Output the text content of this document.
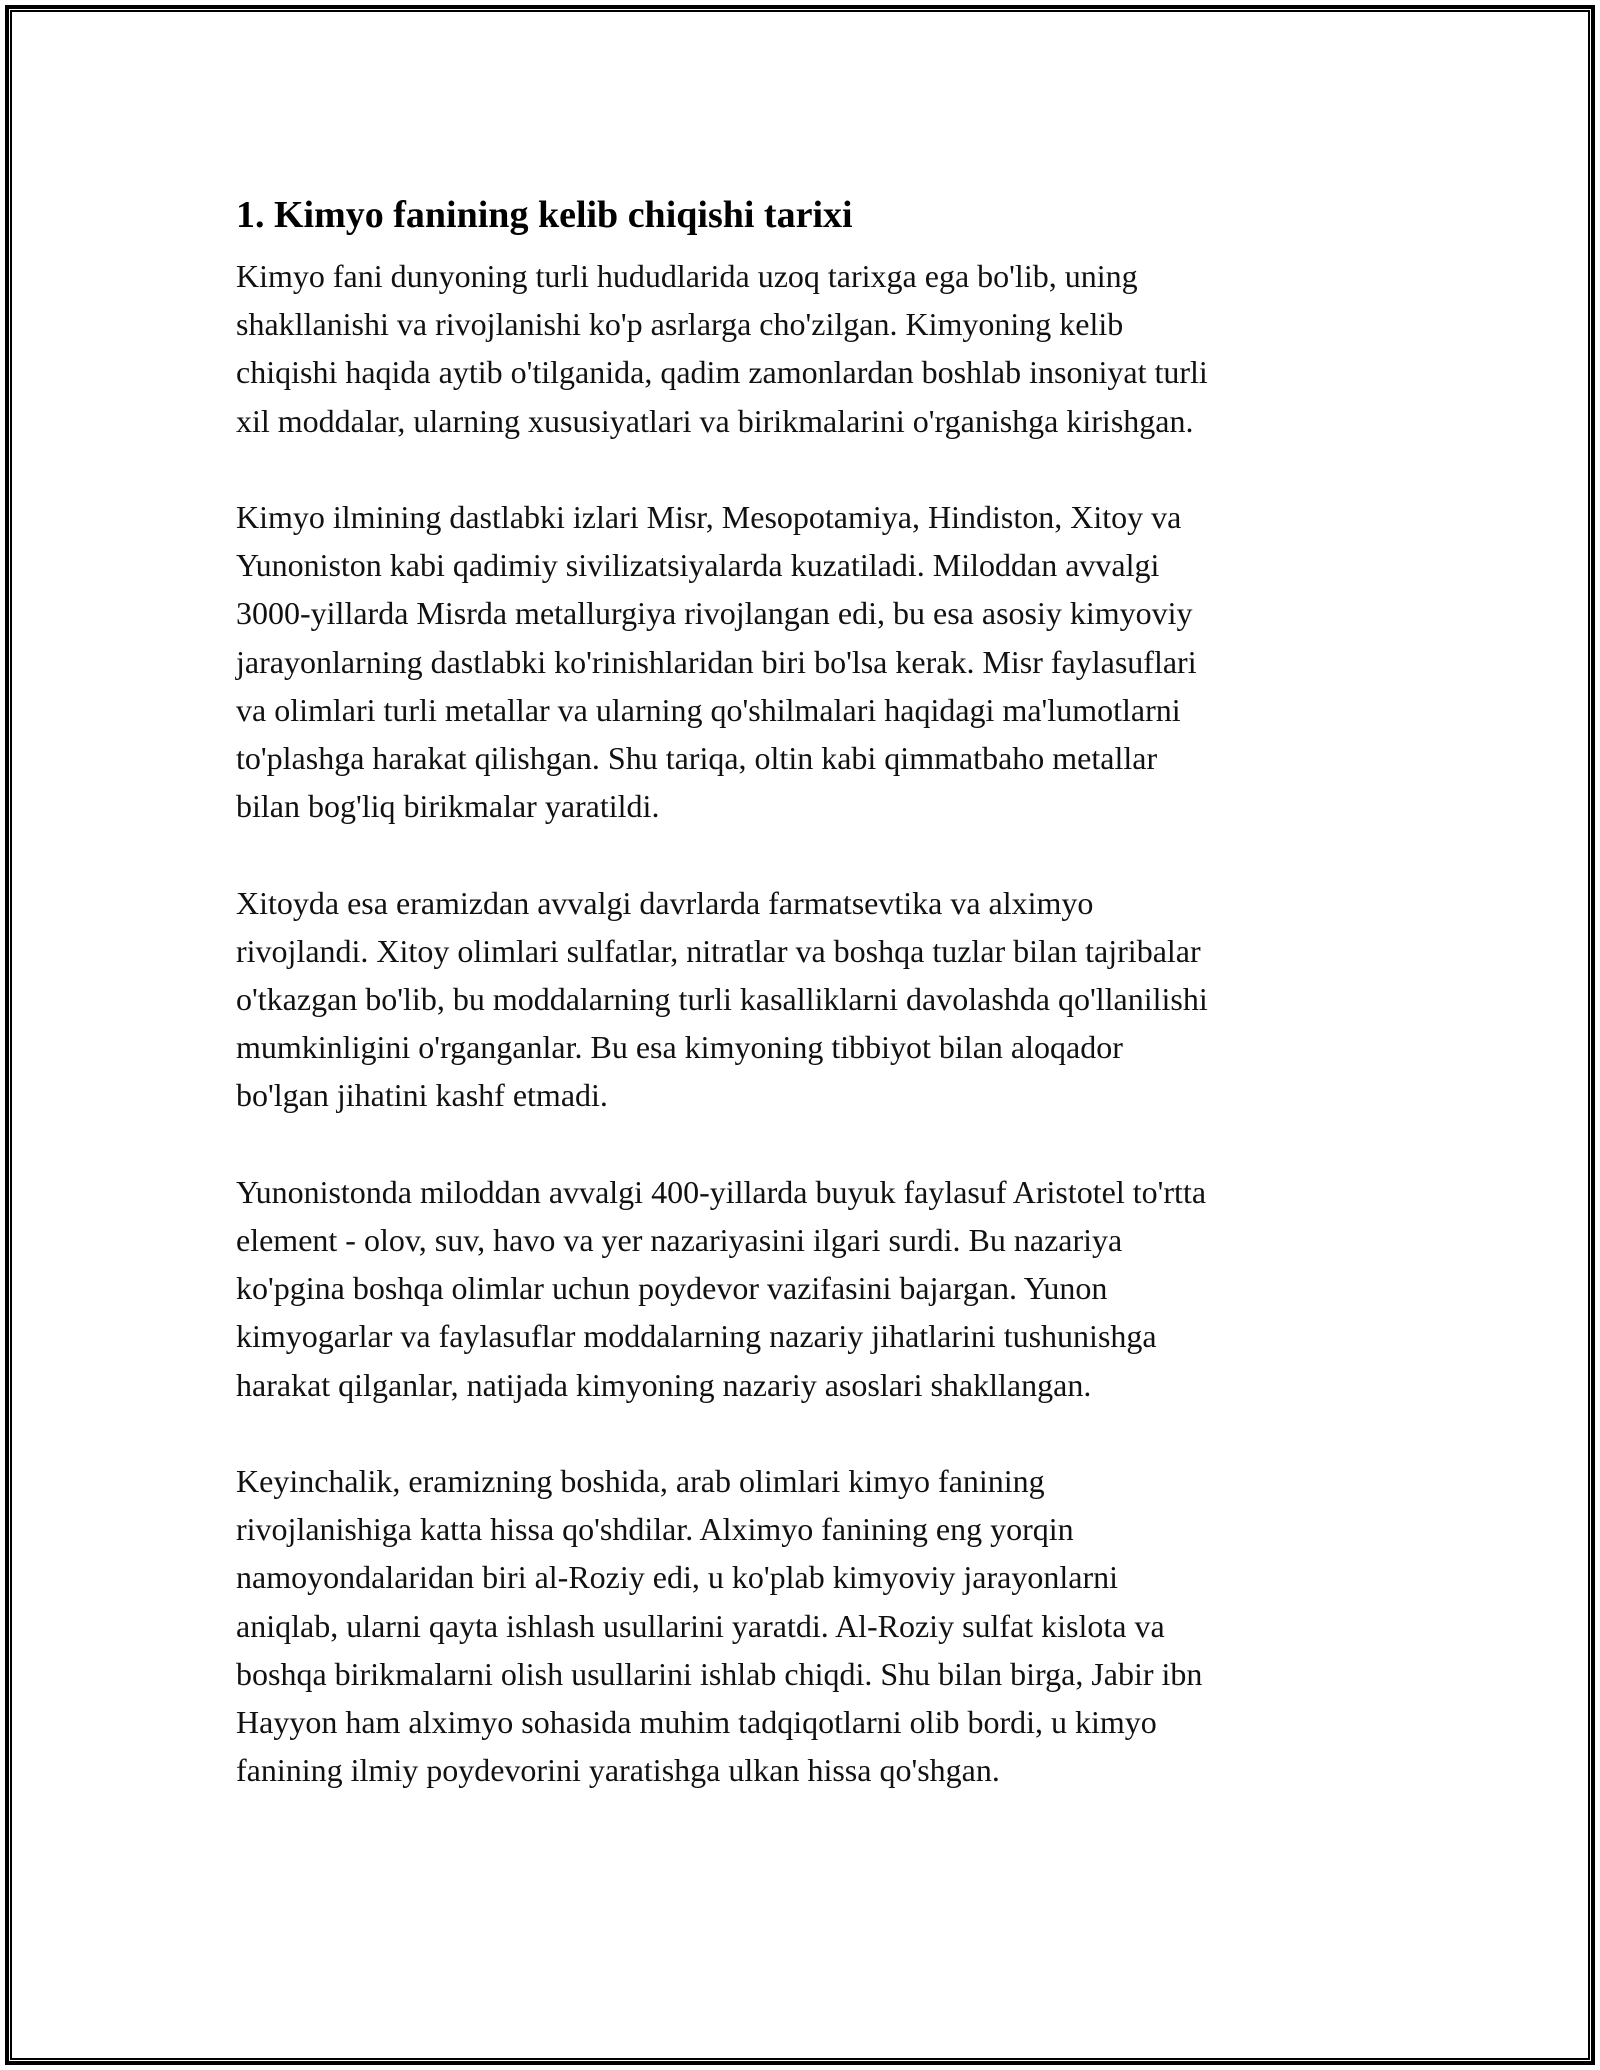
1. Kimyo fanining kelib chiqishi tarixi
Kimyo fani dunyoning turli hududlarida uzoq tarixga ega bo'lib, uning
shakllanishi va rivojlanishi ko'p asrlarga cho'zilgan. Kimyoning kelib
chiqishi haqida aytib o'tilganida, qadim zamonlardan boshlab insoniyat turli
xil moddalar, ularning xususiyatlari va birikmalarini o'rganishga kirishgan.
Kimyo ilmining dastlabki izlari Misr, Mesopotamiya, Hindiston, Xitoy va
Yunoniston kabi qadimiy sivilizatsiyalarda kuzatiladi. Miloddan avvalgi
3000-yillarda Misrda metallurgiya rivojlangan edi, bu esa asosiy kimyoviy
jarayonlarning dastlabki ko'rinishlaridan biri bo'lsa kerak. Misr faylasuflari
va olimlari turli metallar va ularning qo'shilmalari haqidagi ma'lumotlarni
to'plashga harakat qilishgan. Shu tariqa, oltin kabi qimmatbaho metallar
bilan bog'liq birikmalar yaratildi.
Xitoyda esa eramizdan avvalgi davrlarda farmatsevtika va alximyo
rivojlandi. Xitoy olimlari sulfatlar, nitratlar va boshqa tuzlar bilan tajribalar
o'tkazgan bo'lib, bu moddalarning turli kasalliklarni davolashda qo'llanilishi
mumkinligini o'rganganlar. Bu esa kimyoning tibbiyot bilan aloqador
bo'lgan jihatini kashf etmadi.
Yunonistonda miloddan avvalgi 400-yillarda buyuk faylasuf Aristotel to'rtta
element - olov, suv, havo va yer nazariyasini ilgari surdi. Bu nazariya
ko'pgina boshqa olimlar uchun poydevor vazifasini bajargan. Yunon
kimyogarlar va faylasuflar moddalarning nazariy jihatlarini tushunishga
harakat qilganlar, natijada kimyoning nazariy asoslari shakllangan.
Keyinchalik, eramizning boshida, arab olimlari kimyo fanining
rivojlanishiga katta hissa qo'shdilar. Alximyo fanining eng yorqin
namoyondalaridan biri al-Roziy edi, u ko'plab kimyoviy jarayonlarni
aniqlab, ularni qayta ishlash usullarini yaratdi. Al-Roziy sulfat kislota va
boshqa birikmalarni olish usullarini ishlab chiqdi. Shu bilan birga, Jabir ibn
Hayyon ham alximyo sohasida muhim tadqiqotlarni olib bordi, u kimyo
fanining ilmiy poydevorini yaratishga ulkan hissa qo'shgan.
